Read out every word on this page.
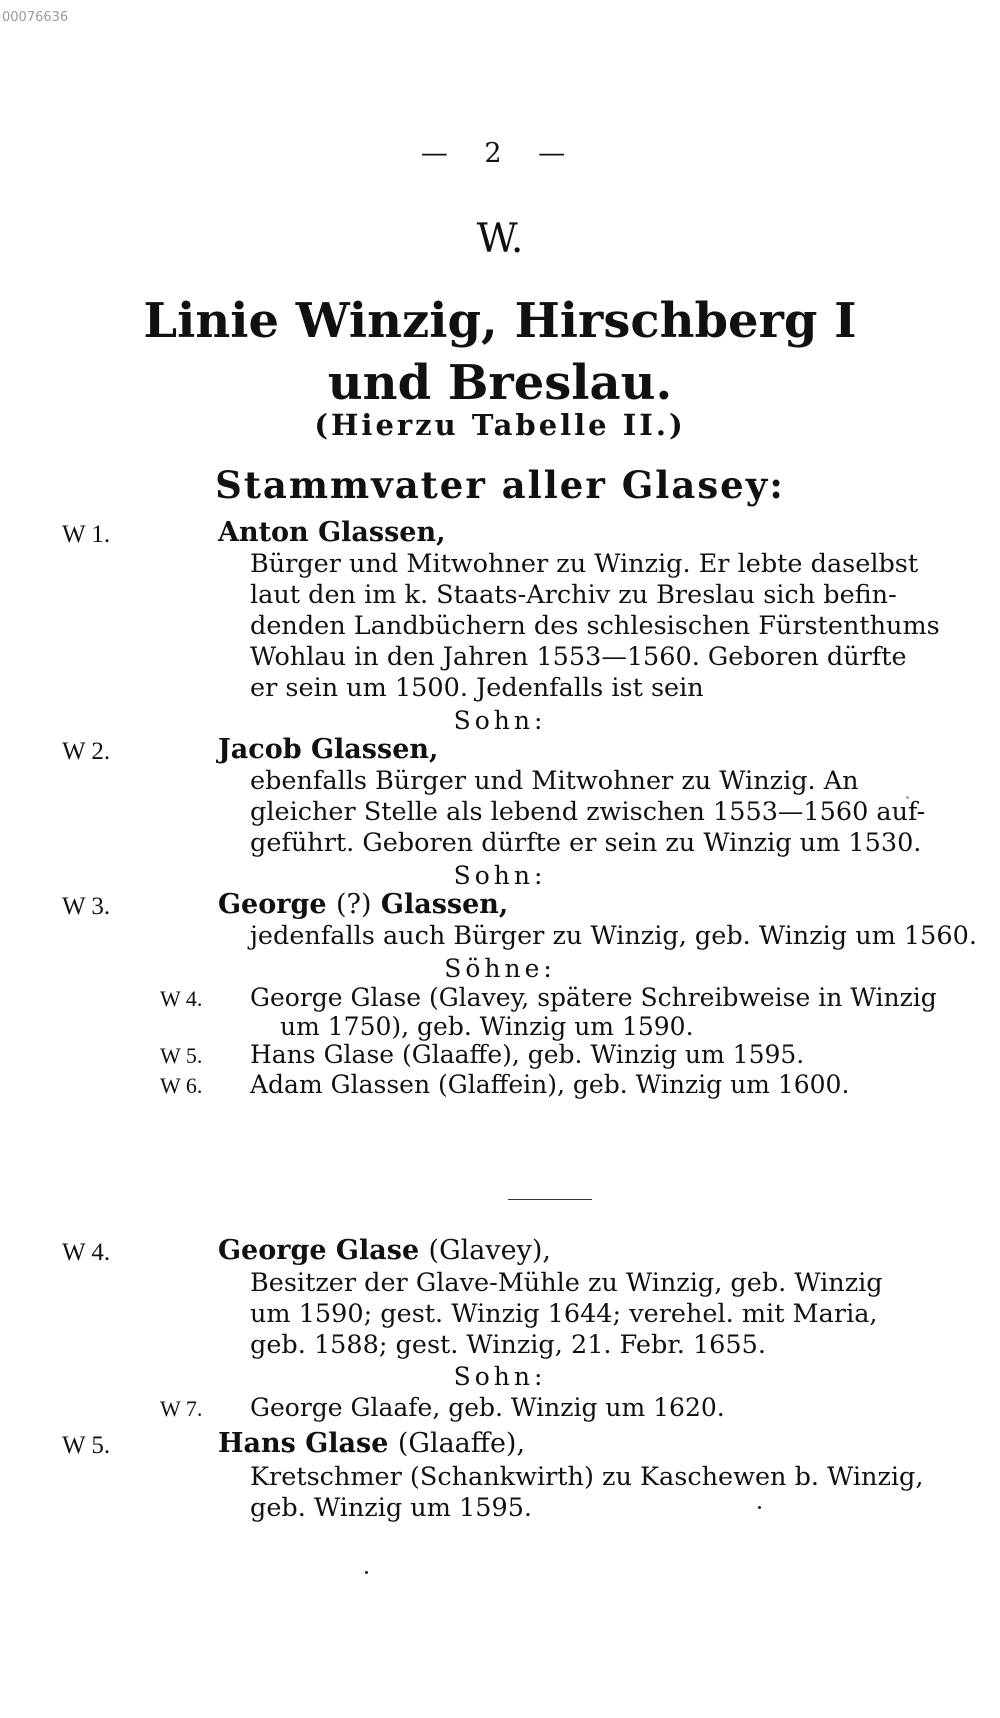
00076636
— 2 —
W.
Linie Winzig, Hirschberg I
und Breslau.
(Hierzu Tabelle II.)
Stammvater aller Glasey:
W 1.	Anton Glassen,
Bürger und Mitwohner zu Winzig. Er lebte daselbst
laut den im k. Staats-Archiv zu Breslau sich befin-
denden Landbüchern des schlesischen Fürstenthums
Wohlau in den Jahren 1553—1560. Geboren dürfte
er sein um 1500. Jedenfalls ist sein
Sohn:
W 2.	Jacob Glassen,
ebenfalls Bürger und Mitwohner zu Winzig. An
gleicher Stelle als lebend zwischen 1553—1560 auf-
geführt. Geboren dürfte er sein zu Winzig um 1530.
Sohn:
W 3.	George (?) Glassen,
jedenfalls auch Bürger zu Winzig, geb. Winzig um 1560.
Söhne:
W 4. George Glase (Glavey, spätere Schreibweise in Winzig
um 1750), geb. Winzig um 1590.
W 5. Hans Glase (Glaaffe), geb. Winzig um 1595.
W 6. Adam Glassen (Glaffein), geb. Winzig um 1600.
W 4.	George Glase (Glavey),
Besitzer der Glave-Mühle zu Winzig, geb. Winzig
um 1590; gest. Winzig 1644; verehel. mit Maria,
geb. 1588; gest. Winzig, 21. Febr. 1655.
Sohn:
W 7. George Glaafe, geb. Winzig um 1620.
W 5.	Hans Glase (Glaaffe),
Kretschmer (Schankwirth) zu Kaschewen b. Winzig,
geb. Winzig um 1595.
